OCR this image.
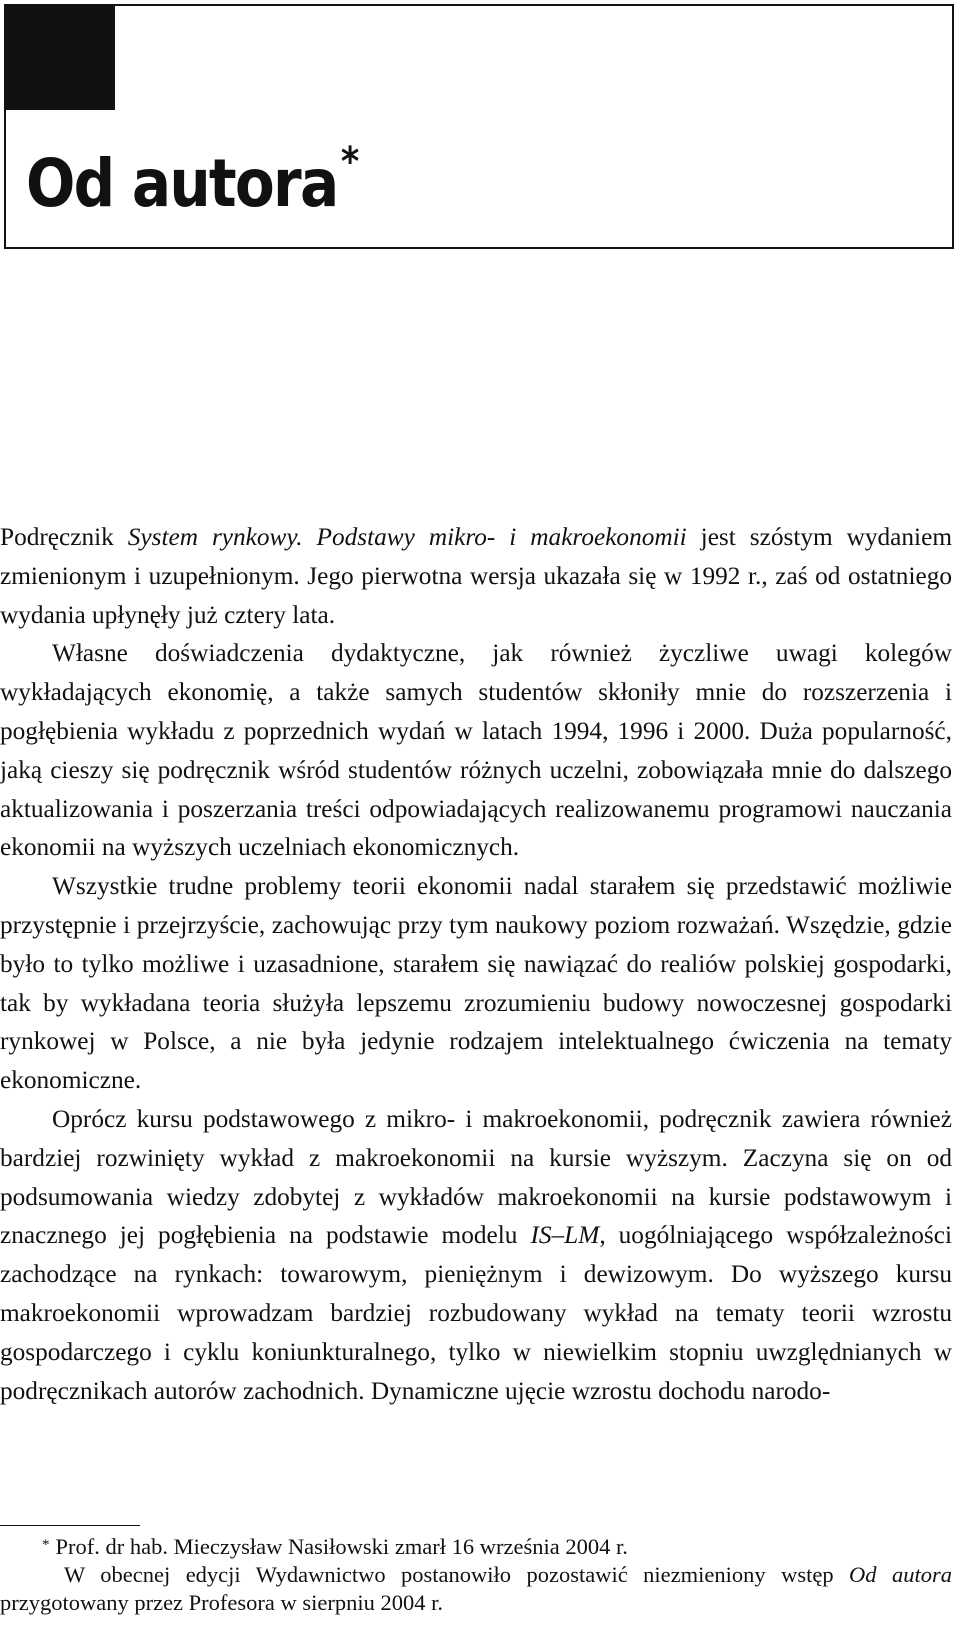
Od autora*

Podręcznik System rynkowy. Podstawy mikro- i makroekonomii jest szóstym wydaniem zmienionym i uzupełnionym. Jego pierwotna wersja ukazała się w 1992 r., zaś od ostatniego wydania upłynęły już cztery lata.

Własne doświadczenia dydaktyczne, jak również życzliwe uwagi kolegów wykładających ekonomię, a także samych studentów skłoniły mnie do rozszerzenia i pogłębienia wykładu z poprzednich wydań w latach 1994, 1996 i 2000. Duża popularność, jaką cieszy się podręcznik wśród studentów różnych uczelni, zobowiązała mnie do dalszego aktualizowania i poszerzania treści odpowiadających realizowanemu programowi nauczania ekonomii na wyższych uczelniach ekonomicznych.

Wszystkie trudne problemy teorii ekonomii nadal starałem się przedstawić możliwie przystępnie i przejrzyście, zachowując przy tym naukowy poziom rozważań. Wszędzie, gdzie było to tylko możliwe i uzasadnione, starałem się nawiązać do realiów polskiej gospodarki, tak by wykładana teoria służyła lepszemu zrozumieniu budowy nowoczesnej gospodarki rynkowej w Polsce, a nie była jedynie rodzajem intelektualnego ćwiczenia na tematy ekonomiczne.

Oprócz kursu podstawowego z mikro- i makroekonomii, podręcznik zawiera również bardziej rozwinięty wykład z makroekonomii na kursie wyższym. Zaczyna się on od podsumowania wiedzy zdobytej z wykładów makroekonomii na kursie podstawowym i znacznego jej pogłębienia na podstawie modelu IS–LM, uogólniającego współzależności zachodzące na rynkach: towarowym, pieniężnym i dewizowym. Do wyższego kursu makroekonomii wprowadzam bardziej rozbudowany wykład na tematy teorii wzrostu gospodarczego i cyklu koniunkturalnego, tylko w niewielkim stopniu uwzględnianych w podręcznikach autorów zachodnich. Dynamiczne ujęcie wzrostu dochodu narodo-

* Prof. dr hab. Mieczysław Nasiłowski zmarł 16 września 2004 r.

W obecnej edycji Wydawnictwo postanowiło pozostawić niezmieniony wstęp Od autora przygotowany przez Profesora w sierpniu 2004 r.
